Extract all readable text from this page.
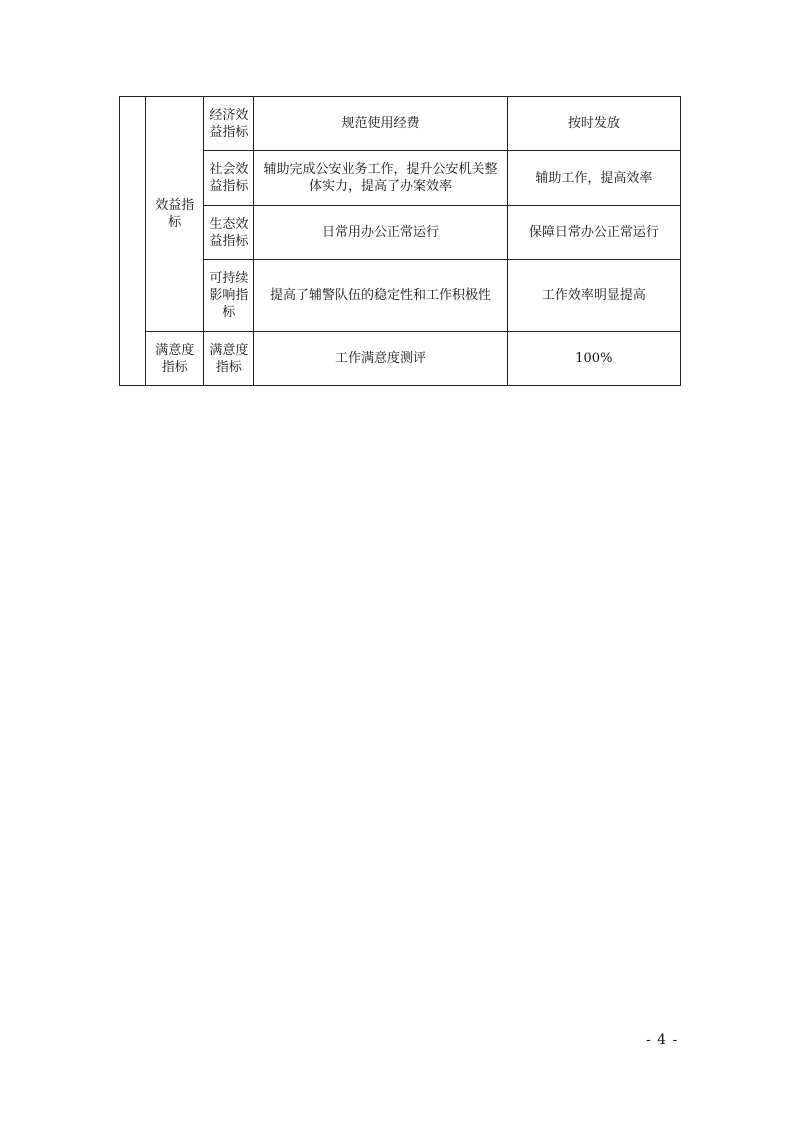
	效益指标	经济效益指标	规范使用经费	按时发放
		社会效益指标	辅助完成公安业务工作，提升公安机关整体实力，提高了办案效率	辅助工作，提高效率
		生态效益指标	日常用办公正常运行	保障日常办公正常运行
		可持续影响指标	提高了辅警队伍的稳定性和工作积极性	工作效率明显提高
	满意度指标	满意度指标	工作满意度测评	100%
- 4 -
